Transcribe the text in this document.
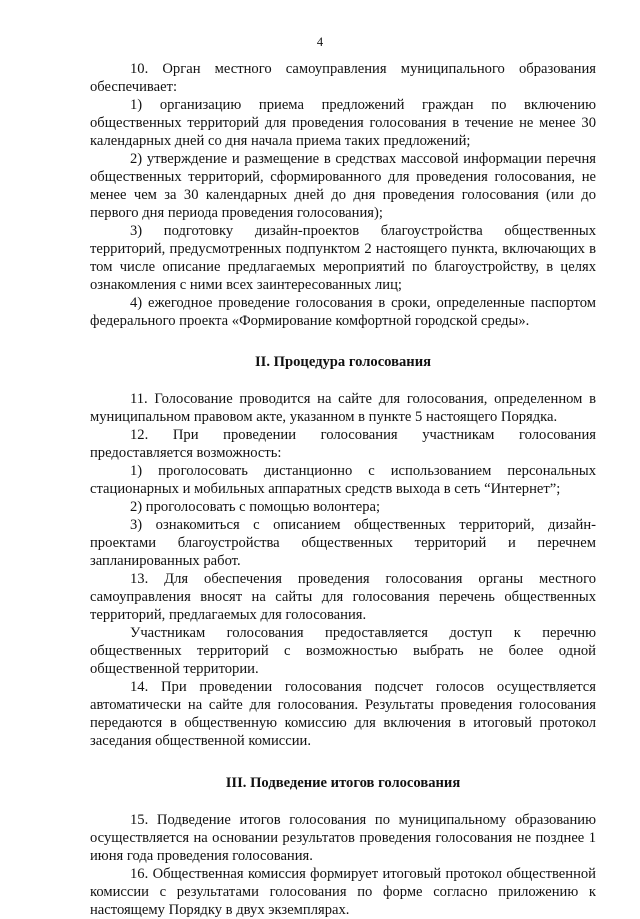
4

10. Орган местного самоуправления муниципального образования обеспечивает:

1) организацию приема предложений граждан по включению общественных территорий для проведения голосования в течение не менее 30 календарных дней со дня начала приема таких предложений;

2) утверждение и размещение в средствах массовой информации перечня общественных территорий, сформированного для проведения голосования, не менее чем за 30 календарных дней до дня проведения голосования (или до первого дня периода проведения голосования);

3) подготовку дизайн-проектов благоустройства общественных территорий, предусмотренных подпунктом 2 настоящего пункта, включающих в том числе описание предлагаемых мероприятий по благоустройству, в целях ознакомления с ними всех заинтересованных лиц;

4) ежегодное проведение голосования в сроки, определенные паспортом федерального проекта «Формирование комфортной городской среды».

II. Процедура голосования

11. Голосование проводится на сайте для голосования, определенном в муниципальном правовом акте, указанном в пункте 5 настоящего Порядка.

12. При проведении голосования участникам голосования предоставляется возможность:

1) проголосовать дистанционно с использованием персональных стационарных и мобильных аппаратных средств выхода в сеть “Интернет”;

2) проголосовать с помощью волонтера;

3) ознакомиться с описанием общественных территорий, дизайн-проектами благоустройства общественных территорий и перечнем запланированных работ.

13. Для обеспечения проведения голосования органы местного самоуправления вносят на сайты для голосования перечень общественных территорий, предлагаемых для голосования.

Участникам голосования предоставляется доступ к перечню общественных территорий с возможностью выбрать не более одной общественной территории.

14. При проведении голосования подсчет голосов осуществляется автоматически на сайте для голосования. Результаты проведения голосования передаются в общественную комиссию для включения в итоговый протокол заседания общественной комиссии.

III. Подведение итогов голосования

15. Подведение итогов голосования по муниципальному образованию осуществляется на основании результатов проведения голосования не позднее 1 июня года проведения голосования.

16. Общественная комиссия формирует итоговый протокол общественной комиссии с результатами голосования по форме согласно приложению к настоящему Порядку в двух экземплярах.
